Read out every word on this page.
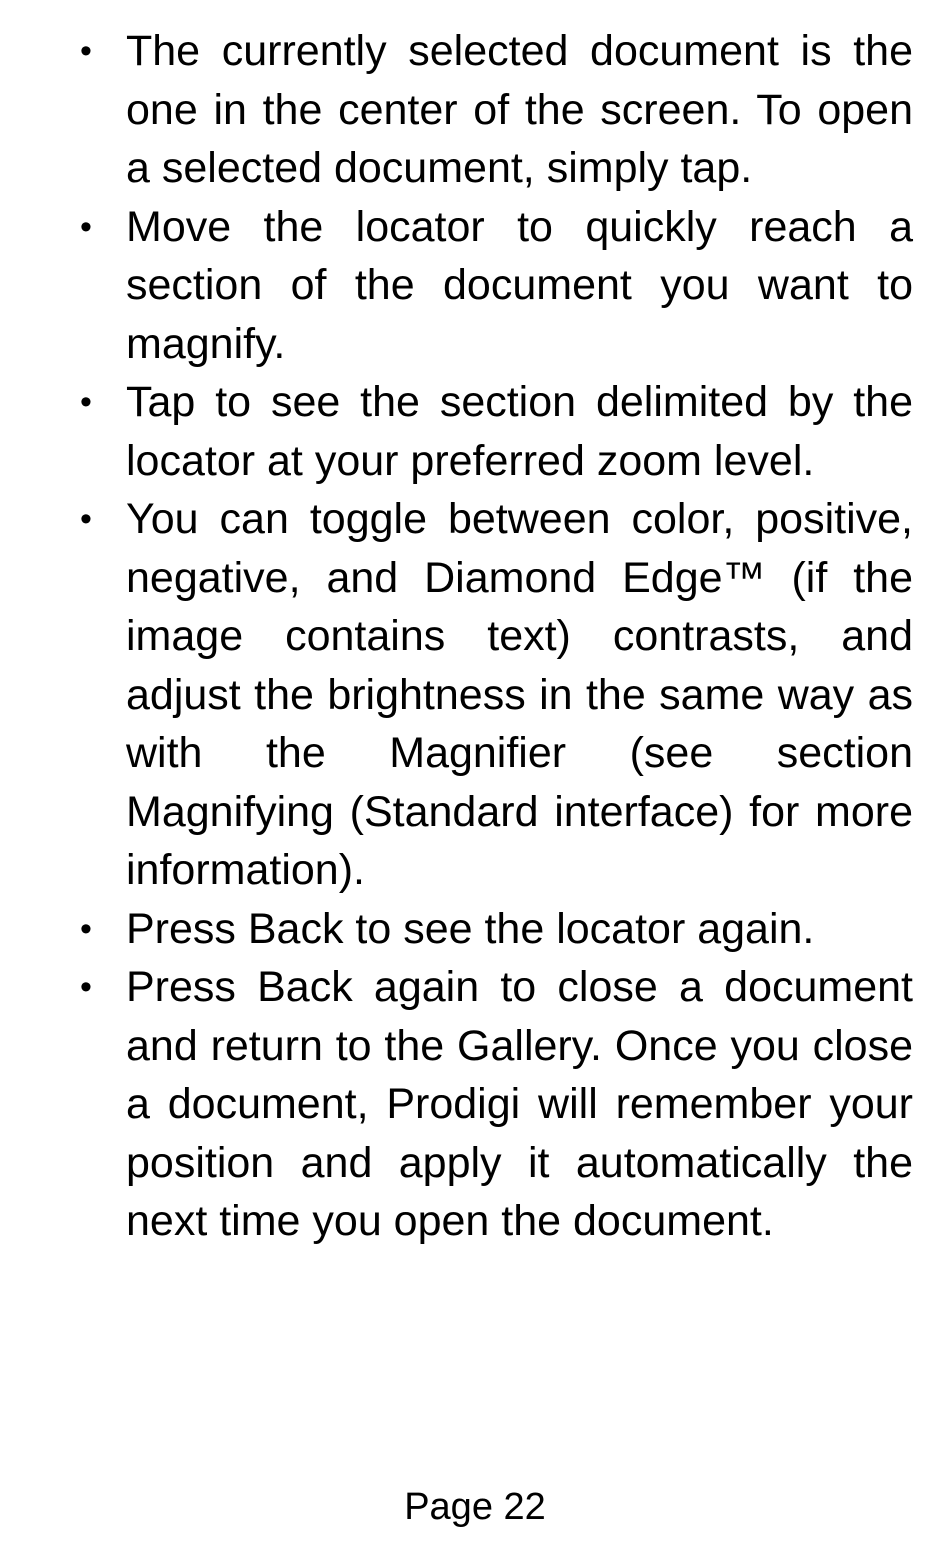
• The currently selected document is the one in the center of the screen. To open a selected document, simply tap.
• Move the locator to quickly reach a section of the document you want to magnify.
• Tap to see the section delimited by the locator at your preferred zoom level.
• You can toggle between color, positive, negative, and Diamond Edge™ (if the image contains text) contrasts, and adjust the brightness in the same way as with the Magnifier (see section Magnifying (Standard interface) for more information).
• Press Back to see the locator again.
• Press Back again to close a document and return to the Gallery. Once you close a document, Prodigi will remember your position and apply it automatically the next time you open the document.
Page 22
